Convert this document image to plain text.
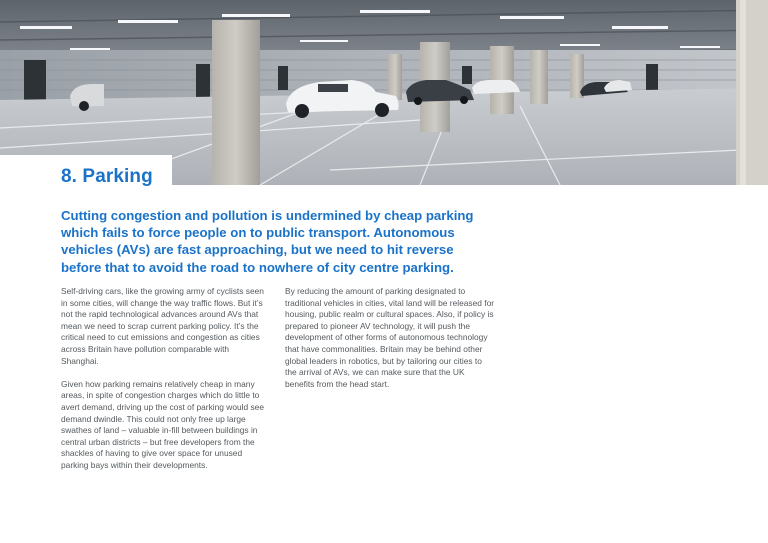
8. Parking

Cutting congestion and pollution is undermined by cheap parking which fails to force people on to public transport. Autonomous vehicles (AVs) are fast approaching, but we need to hit reverse before that to avoid the road to nowhere of city centre parking.

Self-driving cars, like the growing army of cyclists seen in some cities, will change the way traffic flows. But it’s not the rapid technological advances around AVs that mean we need to scrap current parking policy. It’s the critical need to cut emissions and congestion as cities across Britain have pollution comparable with Shanghai.

Given how parking remains relatively cheap in many areas, in spite of congestion charges which do little to avert demand, driving up the cost of parking would see demand dwindle. This could not only free up large swathes of land – valuable in-fill between buildings in central urban districts – but free developers from the shackles of having to give over space for unused parking bays within their developments.

By reducing the amount of parking designated to traditional vehicles in cities, vital land will be released for housing, public realm or cultural spaces. Also, if policy is prepared to pioneer AV technology, it will push the development of other forms of autonomous technology that have commonalities. Britain may be behind other global leaders in robotics, but by tailoring our cities to the arrival of AVs, we can make sure that the UK benefits from the head start.
